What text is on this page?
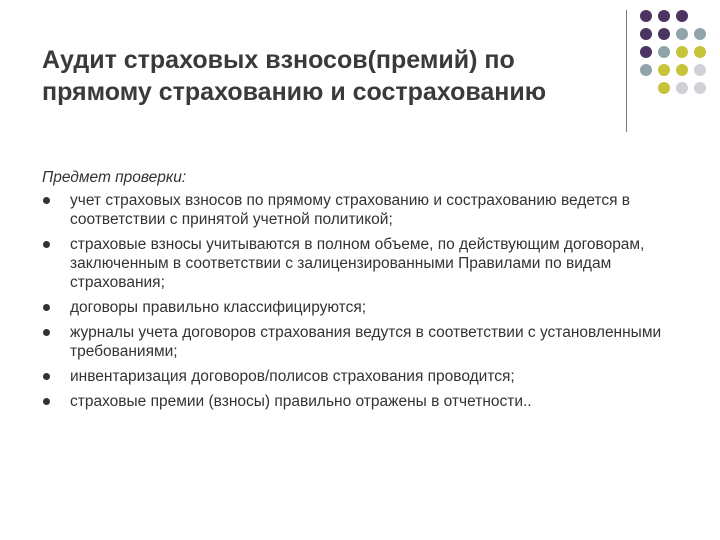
Аудит страховых взносов(премий) по прямому страхованию и сострахованию
Предмет проверки:
учет страховых взносов по прямому страхованию и сострахованию ведется в соответствии с принятой учетной политикой;
страховые взносы учитываются в полном объеме, по действующим договорам, заключенным в соответствии с залицензированными Правилами по видам страхования;
договоры правильно классифицируются;
журналы учета договоров страхования ведутся в соответствии с установленными требованиями;
инвентаризация договоров/полисов страхования проводится;
страховые премии (взносы) правильно отражены в отчетности..
